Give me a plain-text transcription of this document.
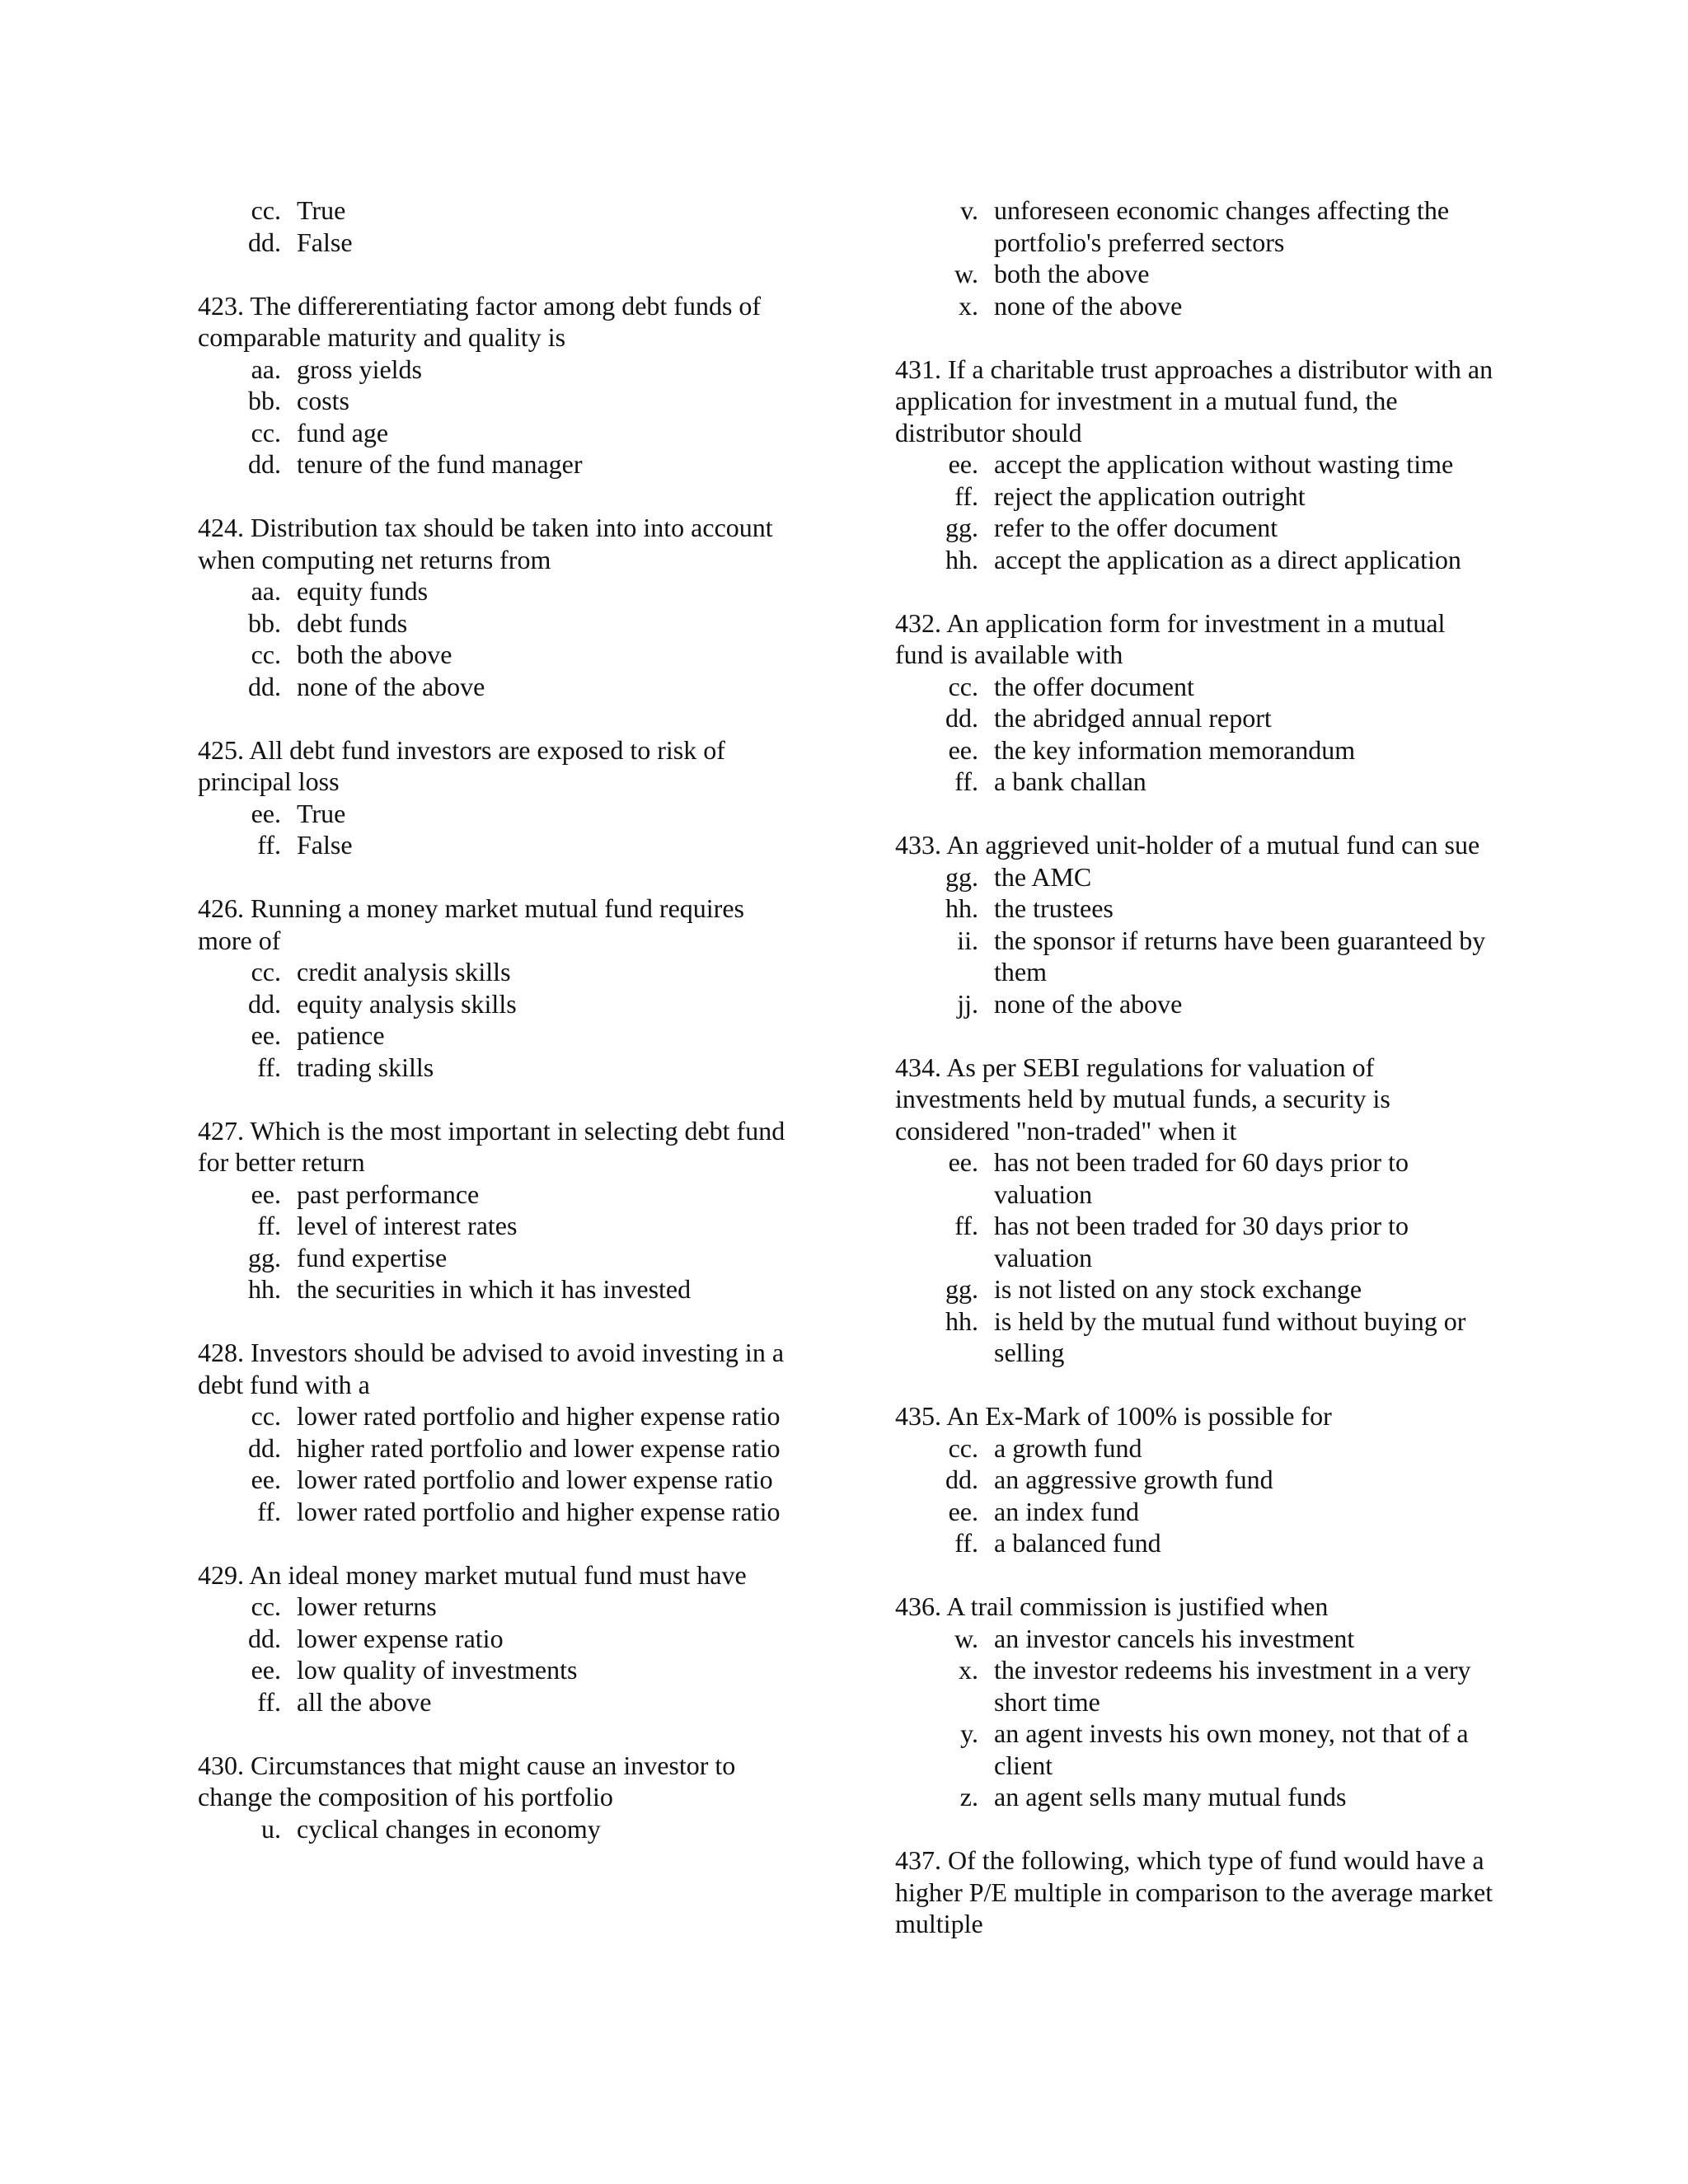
cc. True
dd. False

423. The differerentiating factor among debt funds of comparable maturity and quality is

aa. gross yields
bb. costs
cc. fund age
dd. tenure of the fund manager

424. Distribution tax should be taken into into account when computing net returns from

aa. equity funds
bb. debt funds
cc. both the above
dd. none of the above

425. All debt fund investors are exposed to risk of principal loss

ee. True
ff. False

426. Running a money market mutual fund requires more of

cc. credit analysis skills
dd. equity analysis skills
ee. patience
ff. trading skills

427. Which is the most important in selecting debt fund for better return

ee. past performance
ff. level of interest rates
gg. fund expertise
hh. the securities in which it has invested

428. Investors should be advised to avoid investing in a debt fund with a

cc. lower rated portfolio and higher expense ratio
dd. higher rated portfolio and lower expense ratio
ee. lower rated portfolio and lower expense ratio
ff. lower rated portfolio and higher expense ratio

429. An ideal money market mutual fund must have

cc. lower returns
dd. lower expense ratio
ee. low quality of investments
ff. all the above

430. Circumstances that might cause an investor to change the composition of his portfolio

u. cyclical changes in economy
v. unforeseen economic changes affecting the portfolio's preferred sectors
w. both the above
x. none of the above

431. If a charitable trust approaches a distributor with an application for investment in a mutual fund, the distributor should

ee. accept the application without wasting time
ff. reject the application outright
gg. refer to the offer document
hh. accept the application as a direct application

432. An application form for investment in a mutual fund is available with

cc. the offer document
dd. the abridged annual report
ee. the key information memorandum
ff. a bank challan

433. An aggrieved unit-holder of a mutual fund can sue

gg. the AMC
hh. the trustees
ii. the sponsor if returns have been guaranteed by them
jj. none of the above

434. As per SEBI regulations for valuation of investments held by mutual funds, a security is considered "non-traded" when it

ee. has not been traded for 60 days prior to valuation
ff. has not been traded for 30 days prior to valuation
gg. is not listed on any stock exchange
hh. is held by the mutual fund without buying or selling

435. An Ex-Mark of 100% is possible for

cc. a growth fund
dd. an aggressive growth fund
ee. an index fund
ff. a balanced fund

436. A trail commission is justified when

w. an investor cancels his investment
x. the investor redeems his investment in a very short time
y. an agent invests his own money, not that of a client
z. an agent sells many mutual funds

437. Of the following, which type of fund would have a higher P/E multiple in comparison to the average market multiple
